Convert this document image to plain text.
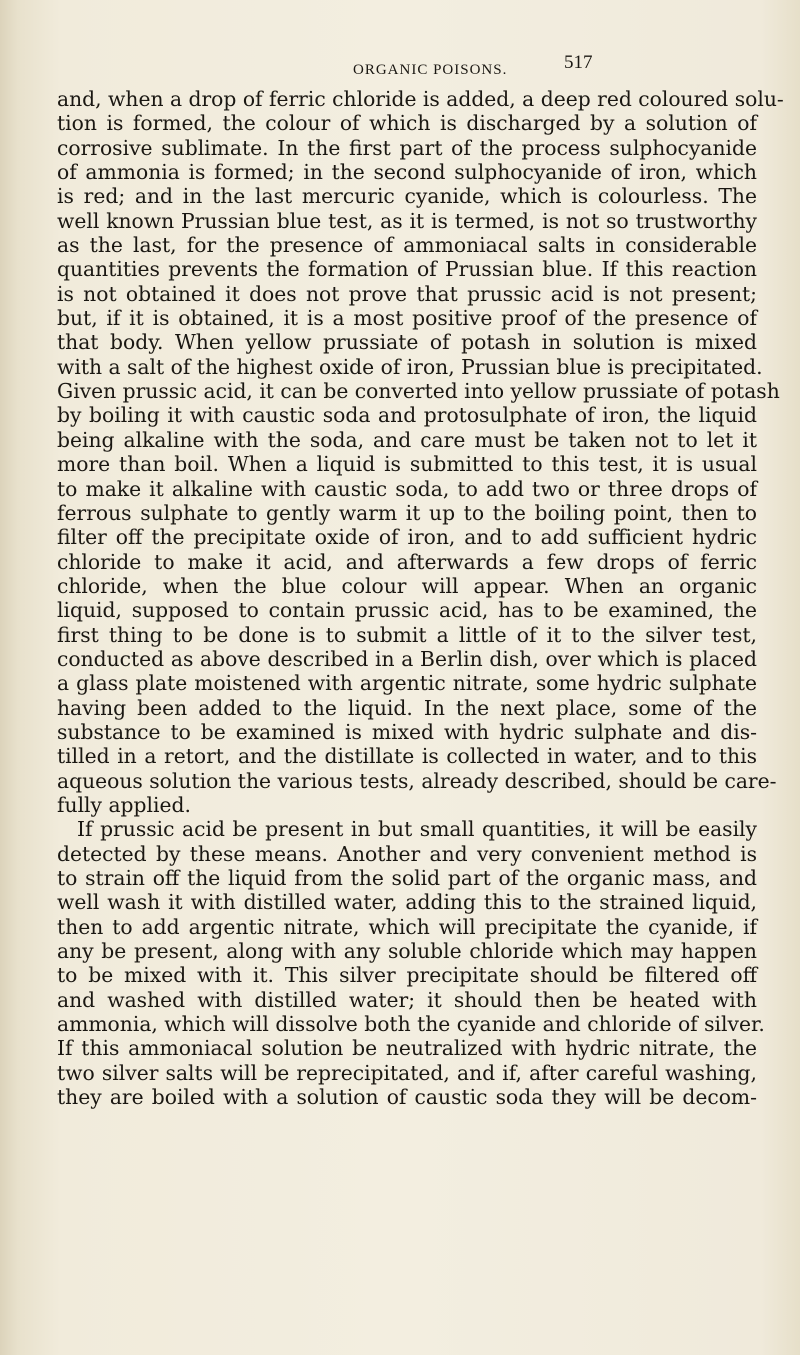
ORGANIC POISONS.	517
and, when a drop of ferric chloride is added, a deep red coloured solu-
tion is formed, the colour of which is discharged by a solution of
corrosive sublimate. In the first part of the process sulphocyanide
of ammonia is formed; in the second sulphocyanide of iron, which
is red; and in the last mercuric cyanide, which is colourless. The
well known Prussian blue test, as it is termed, is not so trustworthy
as the last, for the presence of ammoniacal salts in considerable
quantities prevents the formation of Prussian blue. If this reaction
is not obtained it does not prove that prussic acid is not present;
but, if it is obtained, it is a most positive proof of the presence of
that body. When yellow prussiate of potash in solution is mixed
with a salt of the highest oxide of iron, Prussian blue is precipitated.
Given prussic acid, it can be converted into yellow prussiate of potash
by boiling it with caustic soda and protosulphate of iron, the liquid
being alkaline with the soda, and care must be taken not to let it
more than boil. When a liquid is submitted to this test, it is usual
to make it alkaline with caustic soda, to add two or three drops of
ferrous sulphate to gently warm it up to the boiling point, then to
filter off the precipitate oxide of iron, and to add sufficient hydric
chloride to make it acid, and afterwards a few drops of ferric
chloride, when the blue colour will appear. When an organic
liquid, supposed to contain prussic acid, has to be examined, the
first thing to be done is to submit a little of it to the silver test,
conducted as above described in a Berlin dish, over which is placed
a glass plate moistened with argentic nitrate, some hydric sulphate
having been added to the liquid. In the next place, some of the
substance to be examined is mixed with hydric sulphate and dis-
tilled in a retort, and the distillate is collected in water, and to this
aqueous solution the various tests, already described, should be care-
fully applied.
If prussic acid be present in but small quantities, it will be easily
detected by these means. Another and very convenient method is
to strain off the liquid from the solid part of the organic mass, and
well wash it with distilled water, adding this to the strained liquid,
then to add argentic nitrate, which will precipitate the cyanide, if
any be present, along with any soluble chloride which may happen
to be mixed with it. This silver precipitate should be filtered off
and washed with distilled water; it should then be heated with
ammonia, which will dissolve both the cyanide and chloride of silver.
If this ammoniacal solution be neutralized with hydric nitrate, the
two silver salts will be reprecipitated, and if, after careful washing,
they are boiled with a solution of caustic soda they will be decom-
